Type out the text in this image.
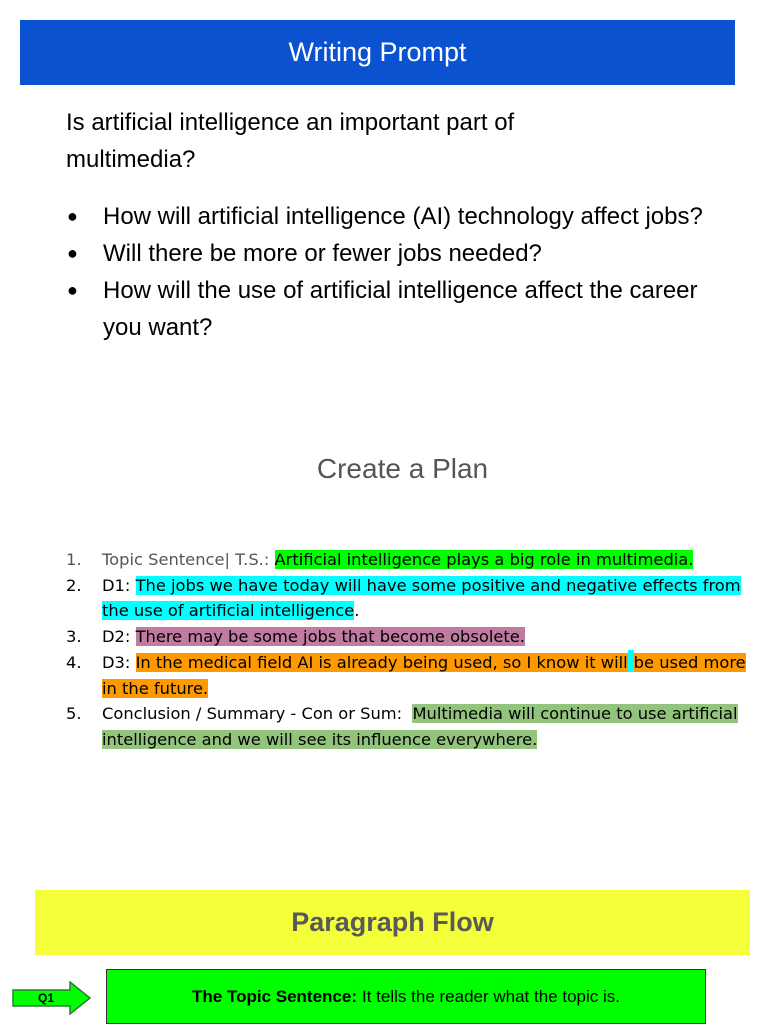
Writing Prompt

Is artificial intelligence an important part of multimedia?

● How will artificial intelligence (AI) technology affect jobs?
● Will there be more or fewer jobs needed?
● How will the use of artificial intelligence affect the career you want?
Create a Plan
1. Topic Sentence| T.S.: Artificial intelligence plays a big role in multimedia.
2. D1: The jobs we have today will have some positive and negative effects from the use of artificial intelligence.
3. D2: There may be some jobs that become obsolete.
4. D3: In the medical field AI is already being used, so I know it will be used more in the future.
5. Conclusion / Summary - Con or Sum:  Multimedia will continue to use artificial intelligence and we will see its influence everywhere.
Paragraph Flow
Q1	The Topic Sentence: It tells the reader what the topic is.
